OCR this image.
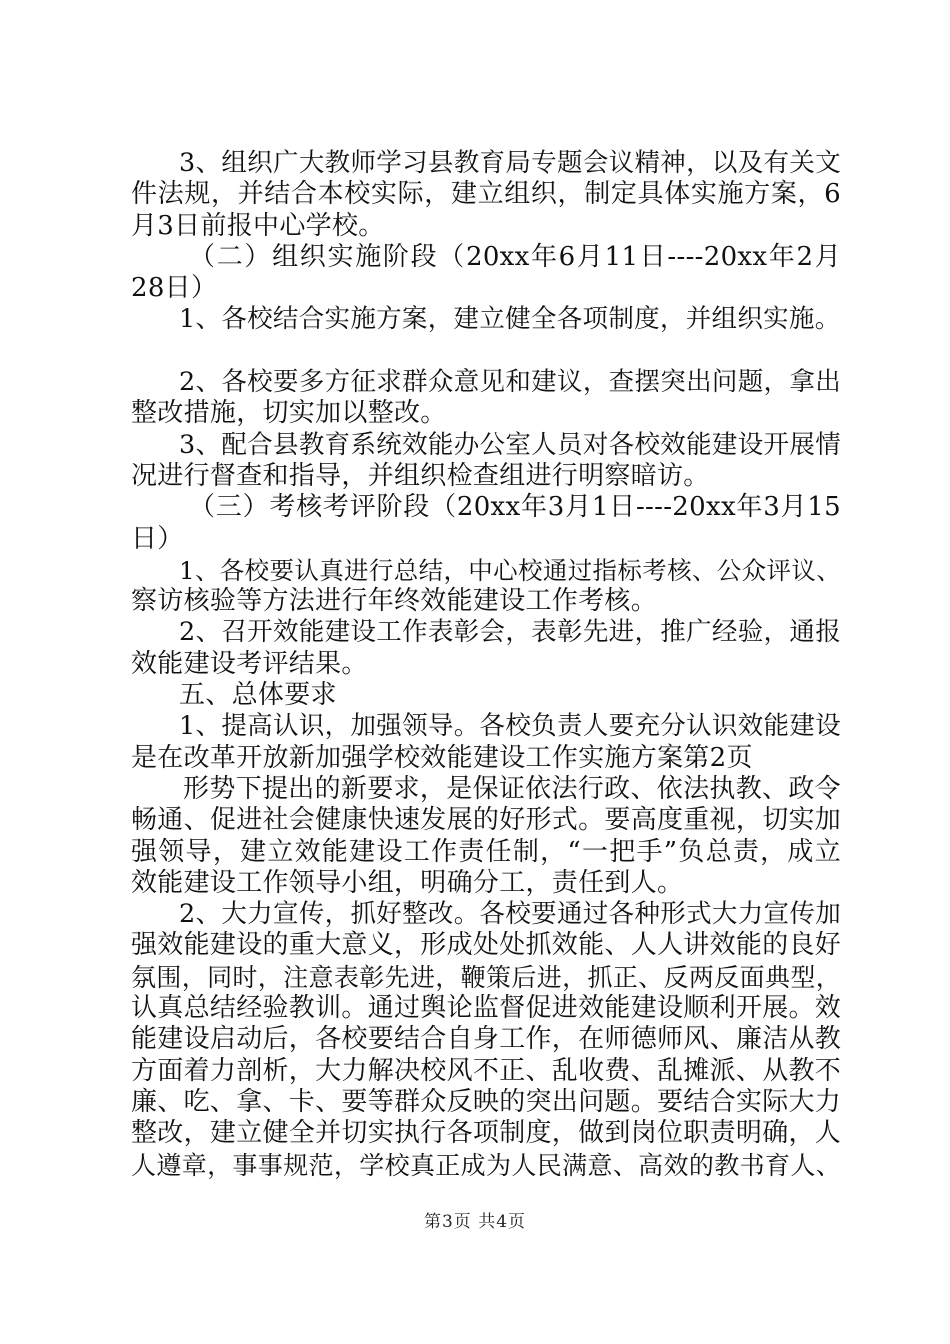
3、组织广大教师学习县教育局专题会议精神，以及有关文
件法规，并结合本校实际，建立组织，制定具体实施方案，6
月3日前报中心学校。
（二）组织实施阶段（20xx年6月11日----20xx年2月
28日）
1、各校结合实施方案，建立健全各项制度，并组织实施。
2、各校要多方征求群众意见和建议，查摆突出问题，拿出
整改措施，切实加以整改。
3、配合县教育系统效能办公室人员对各校效能建设开展情
况进行督查和指导，并组织检查组进行明察暗访。
（三）考核考评阶段（20xx年3月1日----20xx年3月15
日）
1、各校要认真进行总结，中心校通过指标考核、公众评议、
察访核验等方法进行年终效能建设工作考核。
2、召开效能建设工作表彰会，表彰先进，推广经验，通报
效能建设考评结果。
五、总体要求
1、提高认识，加强领导。各校负责人要充分认识效能建设
是在改革开放新加强学校效能建设工作实施方案第2页
形势下提出的新要求，是保证依法行政、依法执教、政令
畅通、促进社会健康快速发展的好形式。要高度重视，切实加
强领导，建立效能建设工作责任制，“一把手”负总责，成立
效能建设工作领导小组，明确分工，责任到人。
2、大力宣传，抓好整改。各校要通过各种形式大力宣传加
强效能建设的重大意义，形成处处抓效能、人人讲效能的良好
氛围，同时，注意表彰先进，鞭策后进，抓正、反两反面典型，
认真总结经验教训。通过舆论监督促进效能建设顺利开展。效
能建设启动后，各校要结合自身工作，在师德师风、廉洁从教
方面着力剖析，大力解决校风不正、乱收费、乱摊派、从教不
廉、吃、拿、卡、要等群众反映的突出问题。要结合实际大力
整改，建立健全并切实执行各项制度，做到岗位职责明确，人
人遵章，事事规范，学校真正成为人民满意、高效的教书育人、
第3页 共4页
